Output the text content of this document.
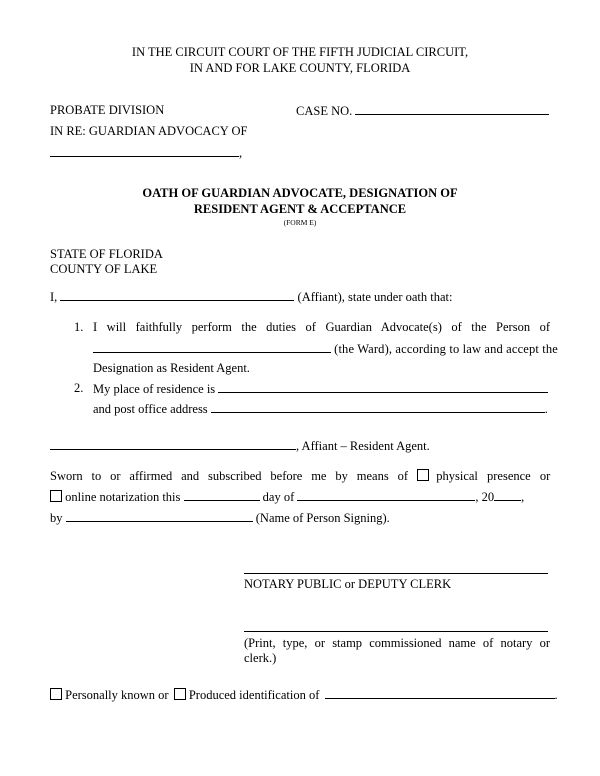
IN THE CIRCUIT COURT OF THE FIFTH JUDICIAL CIRCUIT,
IN AND FOR LAKE COUNTY, FLORIDA
PROBATE DIVISION	CASE NO.
IN RE: GUARDIAN ADVOCACY OF
,
OATH OF GUARDIAN ADVOCATE, DESIGNATION OF
RESIDENT AGENT & ACCEPTANCE
(FORM E)
STATE OF FLORIDA
COUNTY OF LAKE
I,	(Affiant), state under oath that:
1. I will faithfully perform the duties of Guardian Advocate(s) of the Person of
(the Ward), according to law and accept the
Designation as Resident Agent.
2. My place of residence is
and post office address	.
, Affiant – Resident Agent.
Sworn to or affirmed and subscribed before me by means of physical presence or
online notarization this	day of	, 20 ,
by	(Name of Person Signing).
NOTARY PUBLIC or DEPUTY CLERK
(Print, type, or stamp commissioned name of notary or clerk.)
Personally known or Produced identification of	.
